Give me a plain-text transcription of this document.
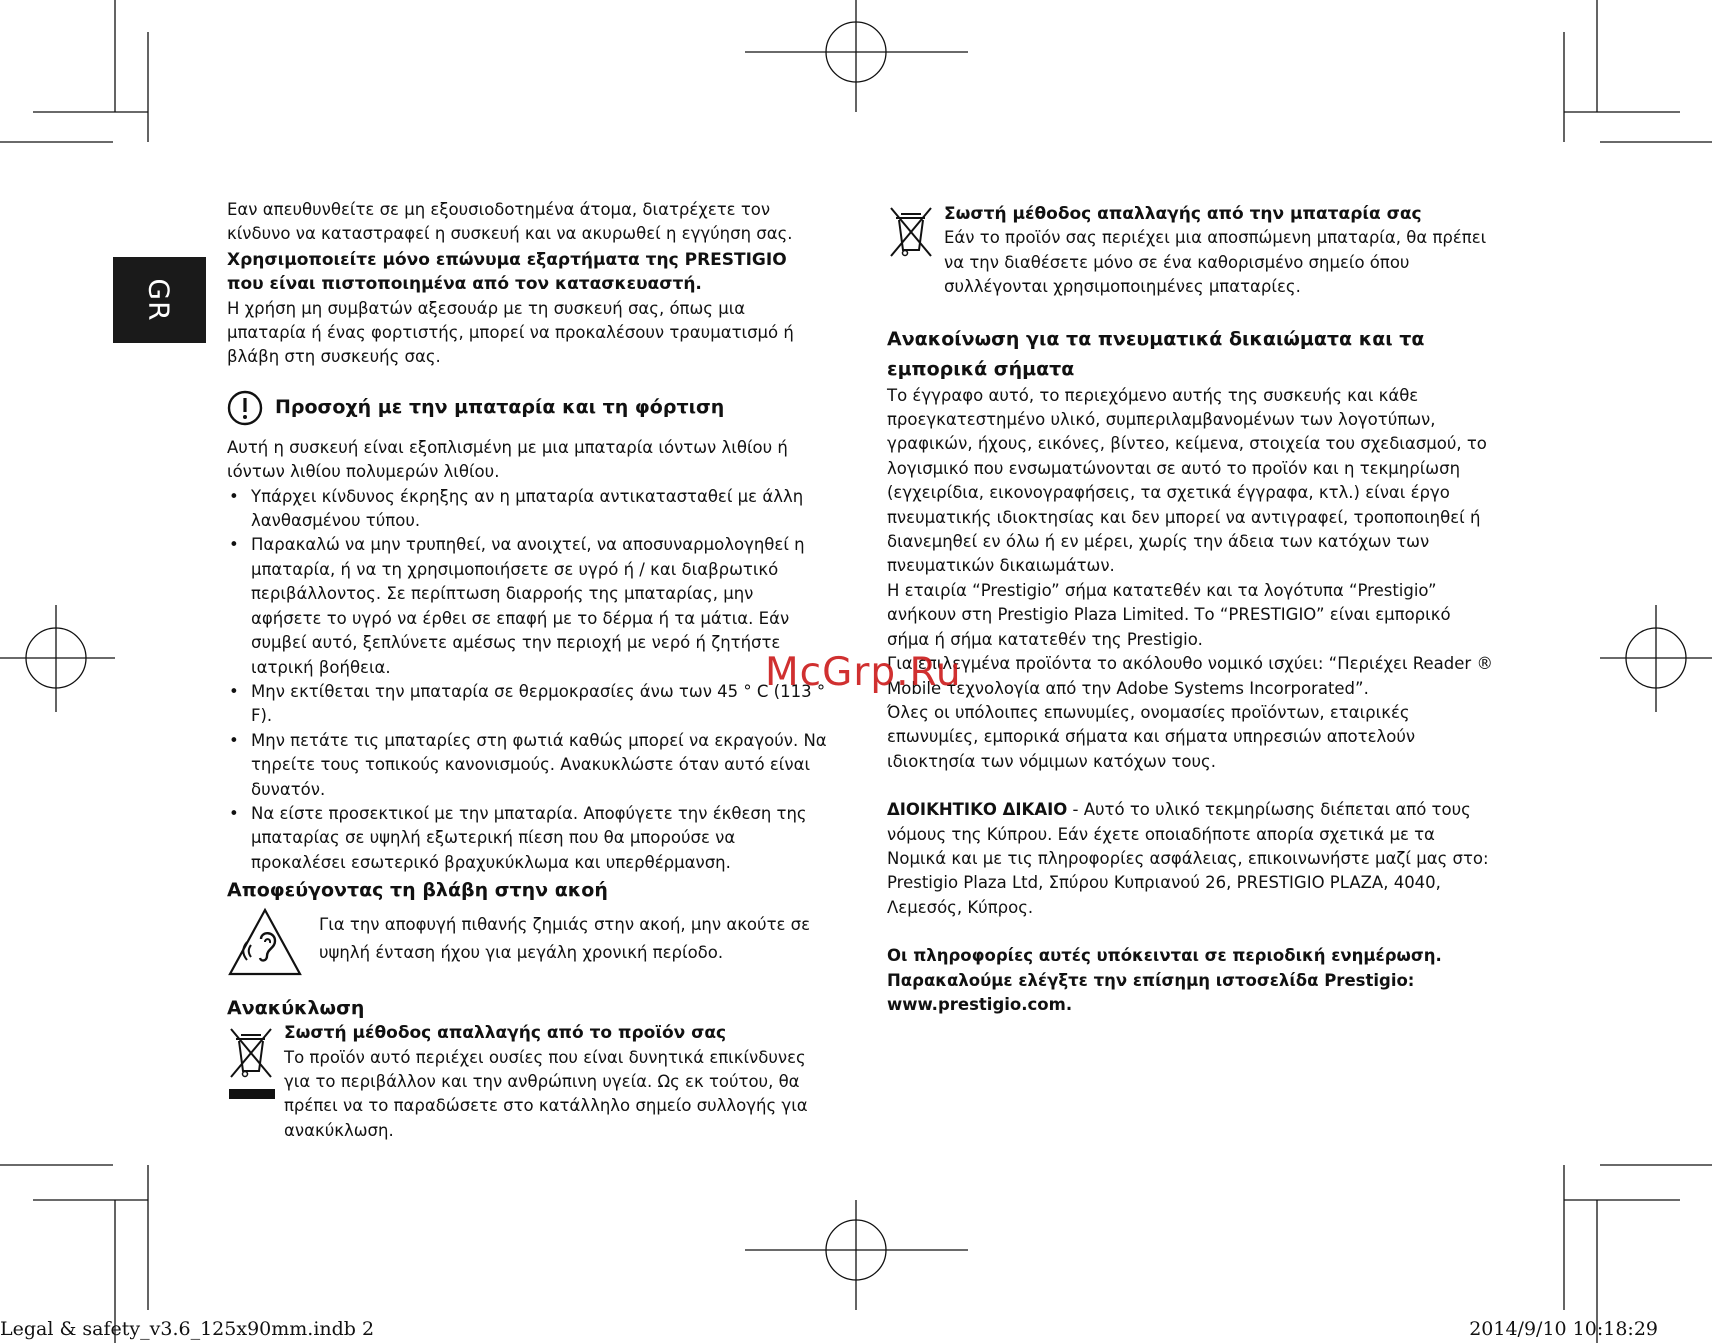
GR

Εαν απευθυνθείτε σε μη εξουσιοδοτημένα άτομα, διατρέχετε τον κίνδυνο να καταστραφεί η συσκευή και να ακυρωθεί η εγγύηση σας.

Χρησιμοποιείτε μόνο επώνυμα εξαρτήματα της PRESTIGIO που είναι πιστοποιημένα από τον κατασκευαστή.

Η χρήση μη συμβατών αξεσουάρ με τη συσκευή σας, όπως μια μπαταρία ή ένας φορτιστής, μπορεί να προκαλέσουν τραυματισμό ή βλάβη στη συσκευής σας.

Προσοχή με την μπαταρία και τη φόρτιση

Αυτή η συσκευή είναι εξοπλισμένη με μια μπαταρία ιόντων λιθίου ή ιόντων λιθίου πολυμερών λιθίου.

• Υπάρχει κίνδυνος έκρηξης αν η μπαταρία αντικατασταθεί με άλλη λανθασμένου τύπου.
• Παρακαλώ να μην τρυπηθεί, να ανοιχτεί, να αποσυναρμολογηθεί η μπαταρία, ή να τη χρησιμοποιήσετε σε υγρό ή / και διαβρωτικό περιβάλλοντος. Σε περίπτωση διαρροής της μπαταρίας, μην αφήσετε το υγρό να έρθει σε επαφή με το δέρμα ή τα μάτια. Εάν συμβεί αυτό, ξεπλύνετε αμέσως την περιοχή με νερό ή ζητήστε ιατρική βοήθεια.
• Μην εκτίθεται την μπαταρία σε θερμοκρασίες άνω των 45 ° C (113 ° F).
• Μην πετάτε τις μπαταρίες στη φωτιά καθώς μπορεί να εκραγούν. Να τηρείτε τους τοπικούς κανονισμούς. Ανακυκλώστε όταν αυτό είναι δυνατόν.
• Να είστε προσεκτικοί με την μπαταρία. Αποφύγετε την έκθεση της μπαταρίας σε υψηλή εξωτερική πίεση που θα μπορούσε να προκαλέσει εσωτερικό βραχυκύκλωμα και υπερθέρμανση.

Αποφεύγοντας τη βλάβη στην ακοή

Για την αποφυγή πιθανής ζημιάς στην ακοή, μην ακούτε σε

υψηλή ένταση ήχου για μεγάλη χρονική περίοδο.

Ανακύκλωση

Σωστή μέθοδος απαλλαγής από το προϊόν σας

Το προϊόν αυτό περιέχει ουσίες που είναι δυνητικά επικίνδυνες για το περιβάλλον και την ανθρώπινη υγεία. Ως εκ τούτου, θα πρέπει να το παραδώσετε στο κατάλληλο σημείο συλλογής για ανακύκλωση.

Σωστή μέθοδος απαλλαγής από την μπαταρία σας

Εάν το προϊόν σας περιέχει μια αποσπώμενη μπαταρία, θα πρέπει να την διαθέσετε μόνο σε ένα καθορισμένο σημείο όπου συλλέγονται χρησιμοποιημένες μπαταρίες.

Ανακοίνωση για τα πνευματικά δικαιώματα και τα εμπορικά σήματα

Το έγγραφο αυτό, το περιεχόμενο αυτής της συσκευής και κάθε προεγκατεστημένο υλικό, συμπεριλαμβανομένων των λογοτύπων, γραφικών, ήχους, εικόνες, βίντεο, κείμενα, στοιχεία του σχεδιασμού, το λογισμικό που ενσωματώνονται σε αυτό το προϊόν και η τεκμηρίωση (εγχειρίδια, εικονογραφήσεις, τα σχετικά έγγραφα, κτλ.) είναι έργο πνευματικής ιδιοκτησίας και δεν μπορεί να αντιγραφεί, τροποποιηθεί ή διανεμηθεί εν όλω ή εν μέρει, χωρίς την άδεια των κατόχων των πνευματικών δικαιωμάτων.

Η εταιρία “Prestigio” σήμα κατατεθέν και τα λογότυπα “Prestigio” ανήκουν στη Prestigio Plaza Limited. Το “PRESTIGIO” είναι εμπορικό σήμα ή σήμα κατατεθέν της Prestigio.

Για επιλεγμένα προϊόντα το ακόλουθο νομικό ισχύει: “Περιέχει Reader ® Mobile τεχνολογία από την Adobe Systems Incorporated”.

Όλες οι υπόλοιπες επωνυμίες, ονομασίες προϊόντων, εταιρικές επωνυμίες, εμπορικά σήματα και σήματα υπηρεσιών αποτελούν ιδιοκτησία των νόμιμων κατόχων τους.

ΔΙΟΙΚΗΤΙΚΟ ΔΙΚΑΙΟ - Αυτό το υλικό τεκμηρίωσης διέπεται από τους νόμους της Κύπρου. Εάν έχετε οποιαδήποτε απορία σχετικά με τα Νομικά και με τις πληροφορίες ασφάλειας, επικοινωνήστε μαζί μας στο: Prestigio Plaza Ltd, Σπύρου Κυπριανού 26, PRESTIGIO PLAZA, 4040, Λεμεσός, Κύπρος.

Οι πληροφορίες αυτές υπόκεινται σε περιοδική ενημέρωση.

Παρακαλούμε ελέγξτε την επίσημη ιστοσελίδα Prestigio:

www.prestigio.com.

McGrp.Ru
Legal & safety_v3.6_125x90mm.indb 2	2014/9/10 10:18:29
